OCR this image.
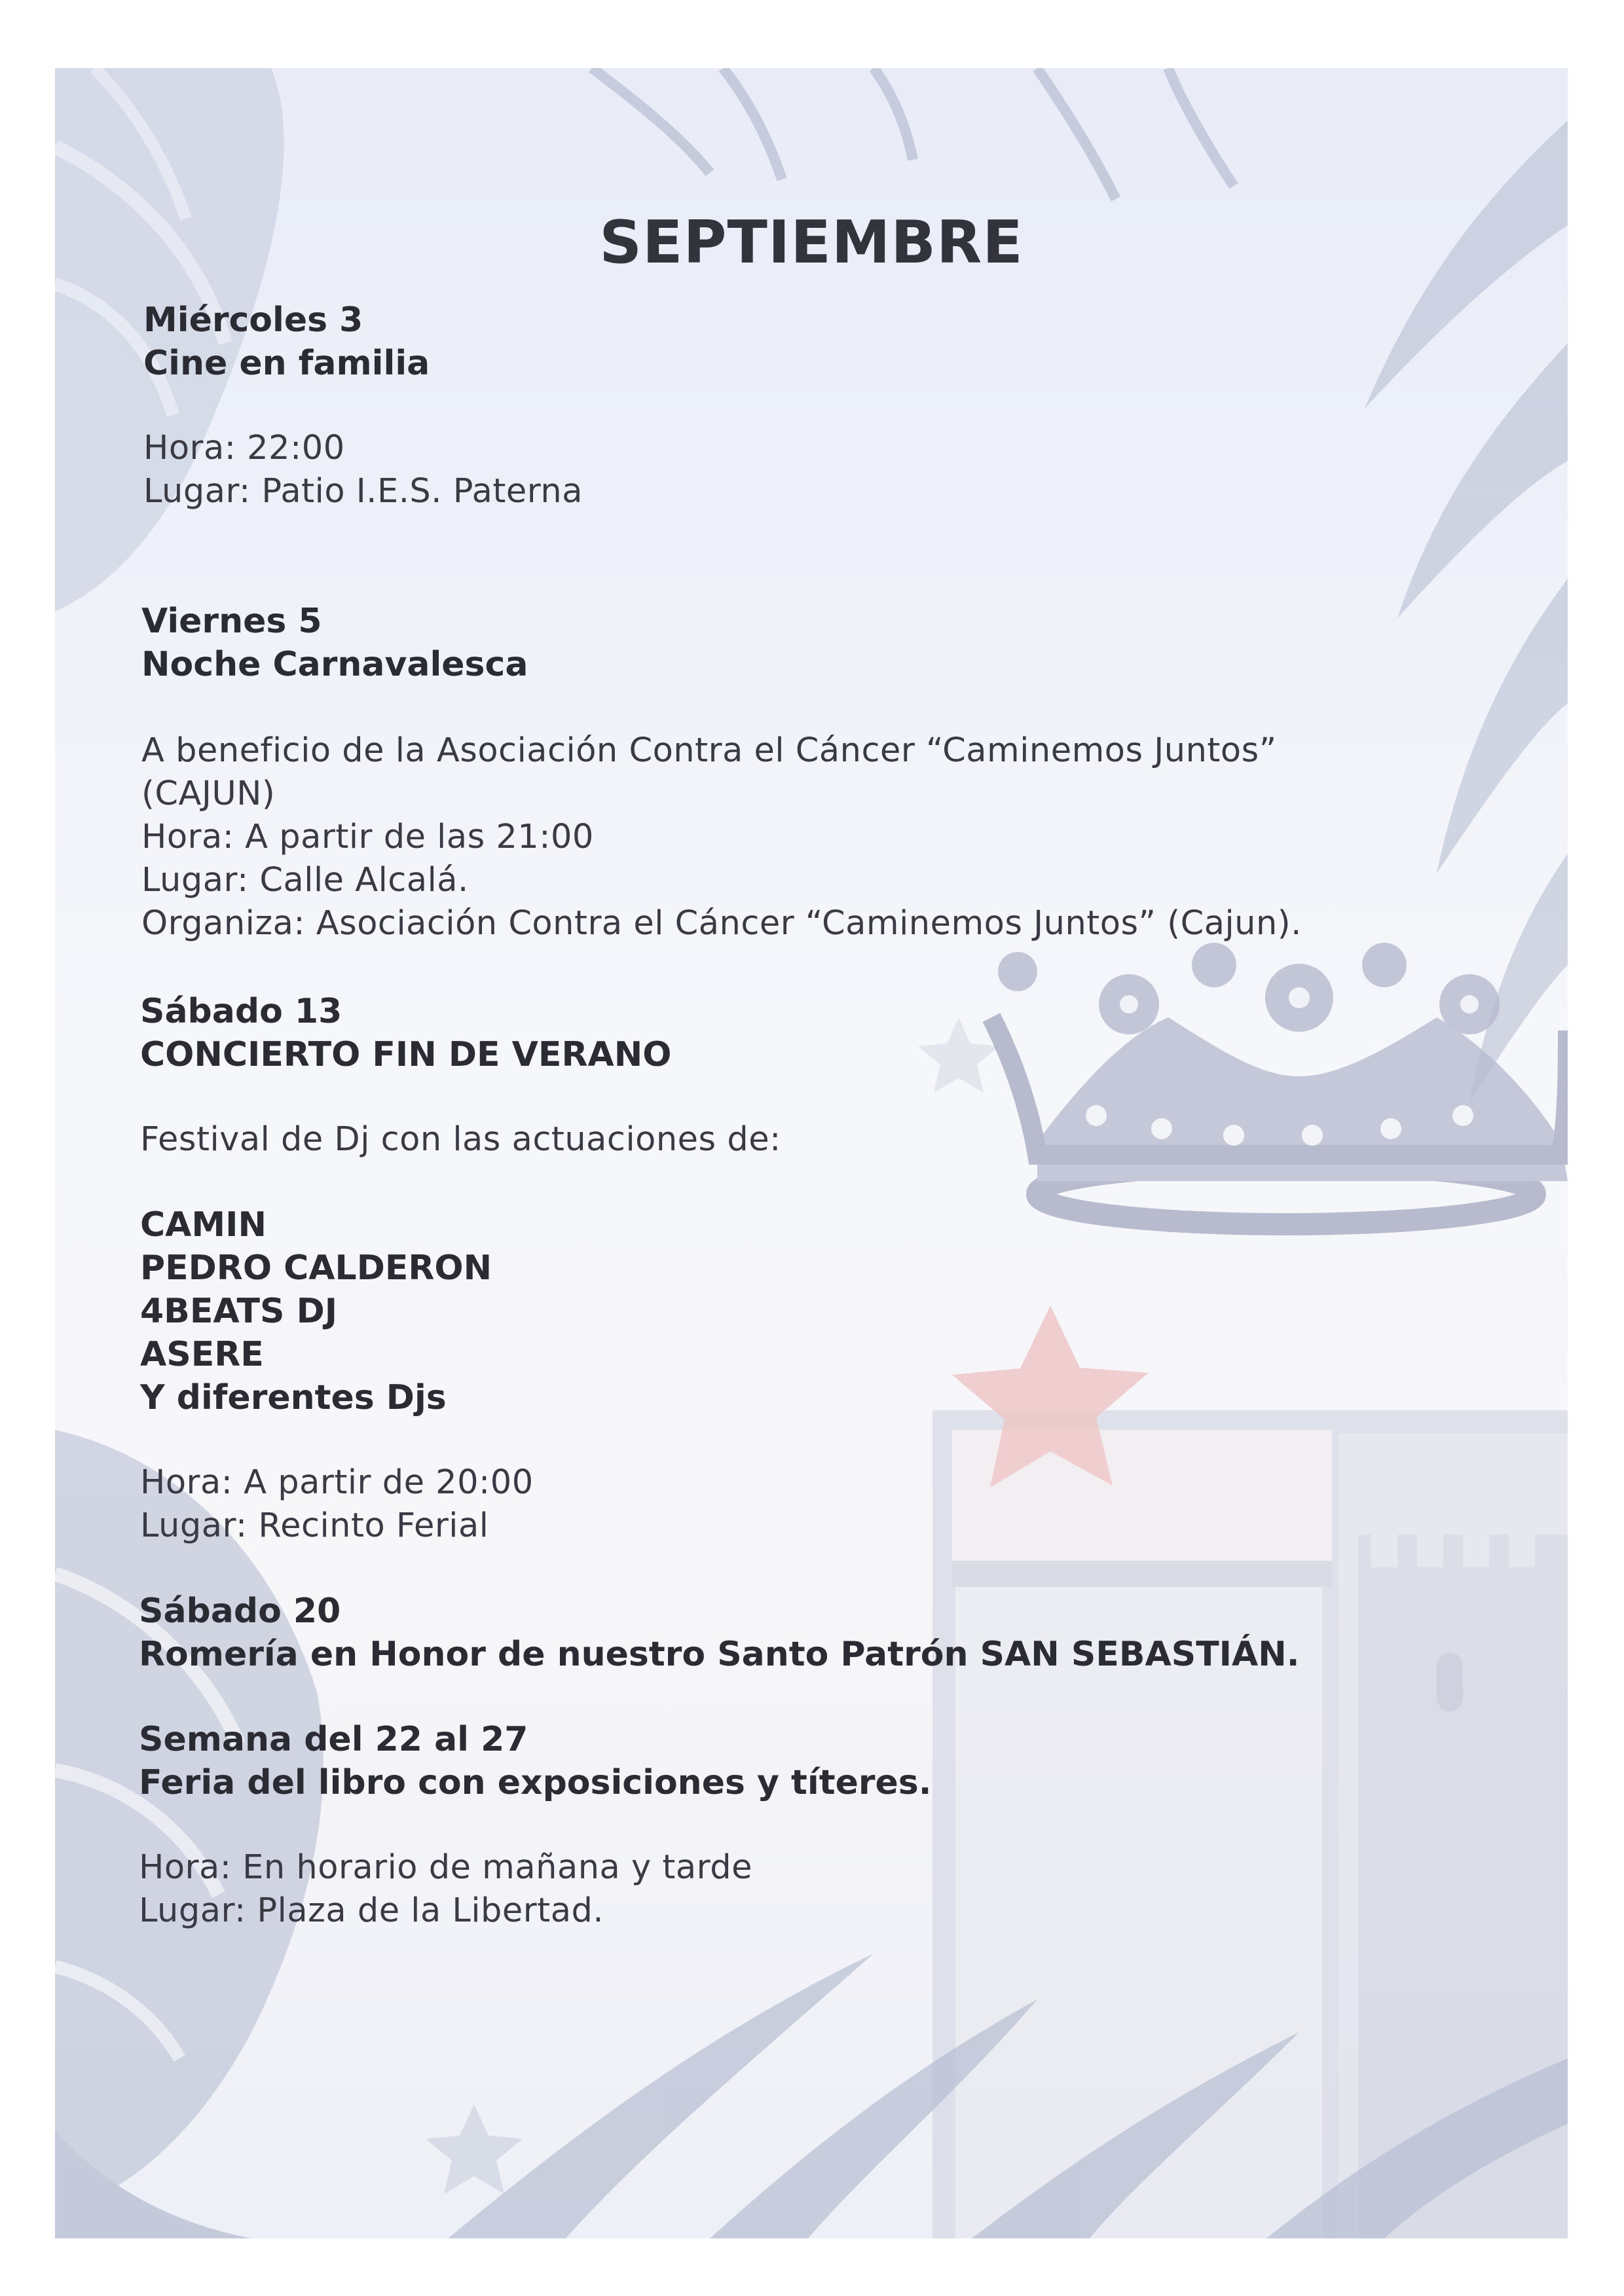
SEPTIEMBRE
Miércoles 3
Cine en familia
Hora: 22:00
Lugar: Patio I.E.S. Paterna
Viernes 5
Noche Carnavalesca
A beneficio de la Asociación Contra el Cáncer “Caminemos Juntos”
(CAJUN)
Hora: A partir de las 21:00
Lugar: Calle Alcalá.
Organiza: Asociación Contra el Cáncer “Caminemos Juntos” (Cajun).
Sábado 13
CONCIERTO FIN DE VERANO
Festival de Dj con las actuaciones de:
CAMIN
PEDRO CALDERON
4BEATS DJ
ASERE
Y diferentes Djs
Hora: A partir de 20:00
Lugar: Recinto Ferial
Sábado 20
Romería en Honor de nuestro Santo Patrón SAN SEBASTIÁN.
Semana del 22 al 27
Feria del libro con exposiciones y títeres.
Hora: En horario de mañana y tarde
Lugar: Plaza de la Libertad.
